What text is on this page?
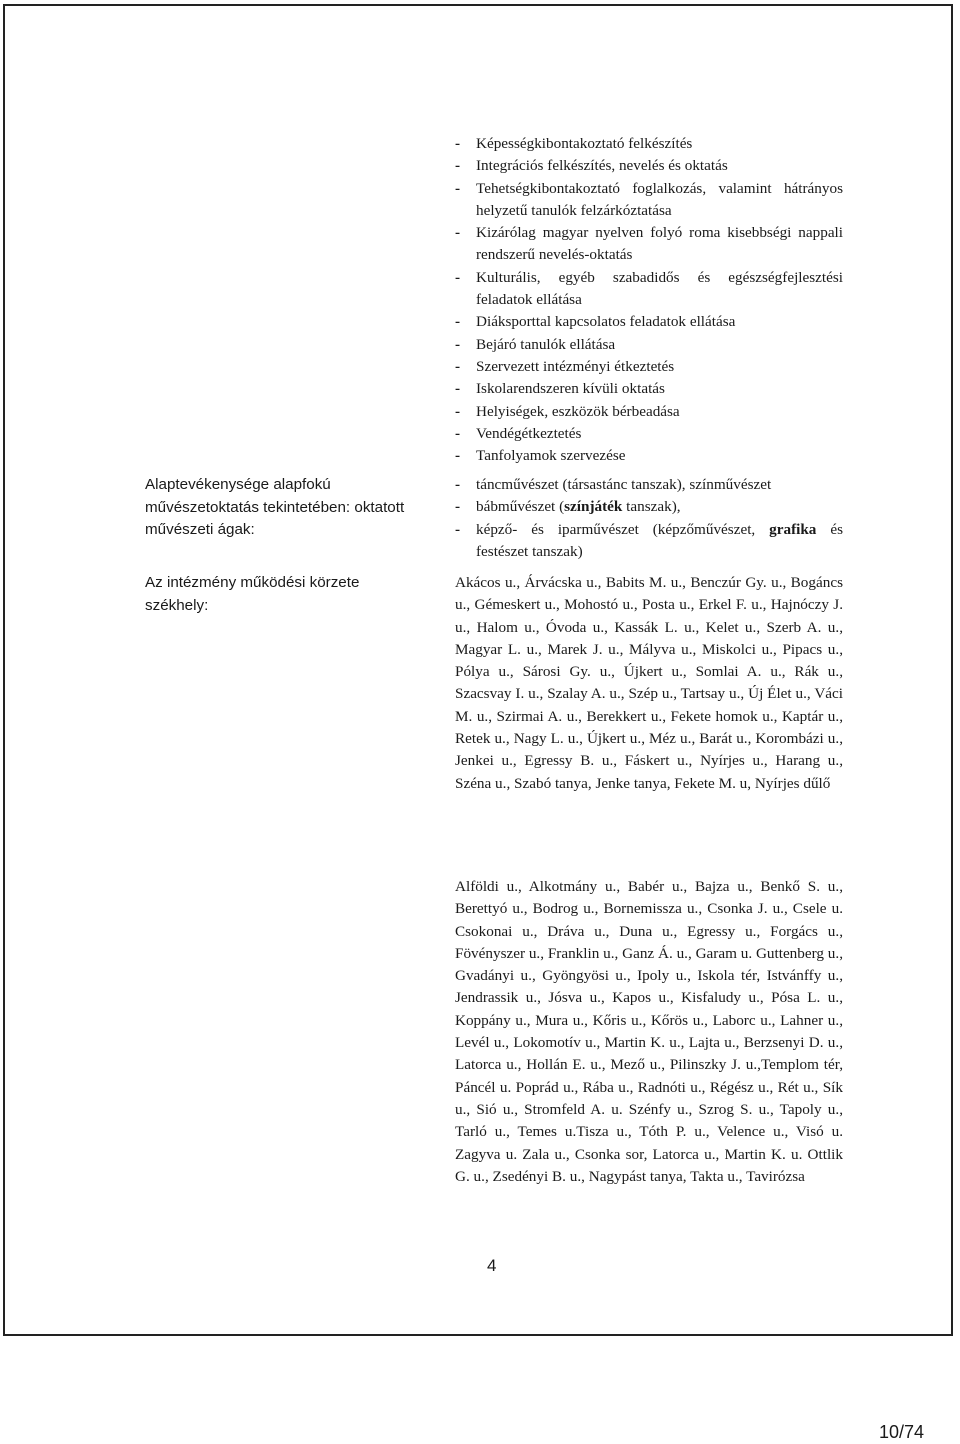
- Képességkibontakoztató felkészítés
- Integrációs felkészítés, nevelés és oktatás
- Tehetségkibontakoztató foglalkozás, valamint hátrányos helyzetű tanulók felzárkóztatása
- Kizárólag magyar nyelven folyó roma kisebbségi nappali rendszerű nevelés-oktatás
- Kulturális, egyéb szabadidős és egészségfejlesztési feladatok ellátása
- Diáksporttal kapcsolatos feladatok ellátása
- Bejáró tanulók ellátása
- Szervezett intézményi étkeztetés
- Iskolarendszeren kívüli oktatás
- Helyiségek, eszközök bérbeadása
- Vendégétkeztetés
- Tanfolyamok szervezése
Alaptevékenysége alapfokú művészetoktatás tekintetében: oktatott művészeti ágak:
- táncművészet (társastánc tanszak), színművészet
- bábművészet (színjáték tanszak),
- képző- és iparművészet (képzőművészet, grafika és festészet tanszak)
Az intézmény működési körzete székhely:
Akácos u., Árvácska u., Babits M. u., Benczúr Gy. u., Bogáncs u., Gémeskert u., Mohostó u., Posta u., Erkel F. u., Hajnóczy J. u., Halom u., Óvoda u., Kassák L. u., Kelet u., Szerb A. u., Magyar L. u., Marek J. u., Mályva u., Miskolci u., Pipacs u., Pólya u., Sárosi Gy. u., Újkert u., Somlai A. u., Rák u., Szacsvay I. u., Szalay A. u., Szép u., Tartsay u., Új Élet u., Váci M. u., Szirmai A. u., Berekkert u., Fekete homok u., Kaptár u., Retek u., Nagy L. u., Újkert u., Méz u., Barát u., Korombázi u., Jenkei u., Egressy B. u., Fáskert u., Nyírjes u., Harang u., Széna u., Szabó tanya, Jenke tanya, Fekete M. u, Nyírjes dűlő
Alföldi u., Alkotmány u., Babér u., Bajza u., Benkő S. u., Berettyó u., Bodrog u., Bornemissza u., Csonka J. u., Csele u. Csokonai u., Dráva u., Duna u., Egressy u., Forgács u., Fövényszer u., Franklin u., Ganz Á. u., Garam u. Guttenberg u., Gvadányi u., Gyöngyösi u., Ipoly u., Iskola tér, Istvánffy u., Jendrassik u., Jósva u., Kapos u., Kisfaludy u., Pósa L. u., Koppány u., Mura u., Kőris u., Kőrös u., Laborc u., Lahner u., Levél u., Lokomotív u., Martin K. u., Lajta u., Berzsenyi D. u., Latorca u., Hollán E. u., Mező u., Pilinszky J. u.,Templom tér, Páncél u. Poprád u., Rába u., Radnóti u., Régész u., Rét u., Sík u., Sió u., Stromfeld A. u. Szénfy u., Szrog S. u., Tapoly u., Tarló u., Temes u.Tisza u., Tóth P. u., Velence u., Visó u. Zagyva u. Zala u., Csonka sor, Latorca u., Martin K. u. Ottlik G. u., Zsedényi B. u., Nagypást tanya, Takta u., Tavirózsa
4
10/74
